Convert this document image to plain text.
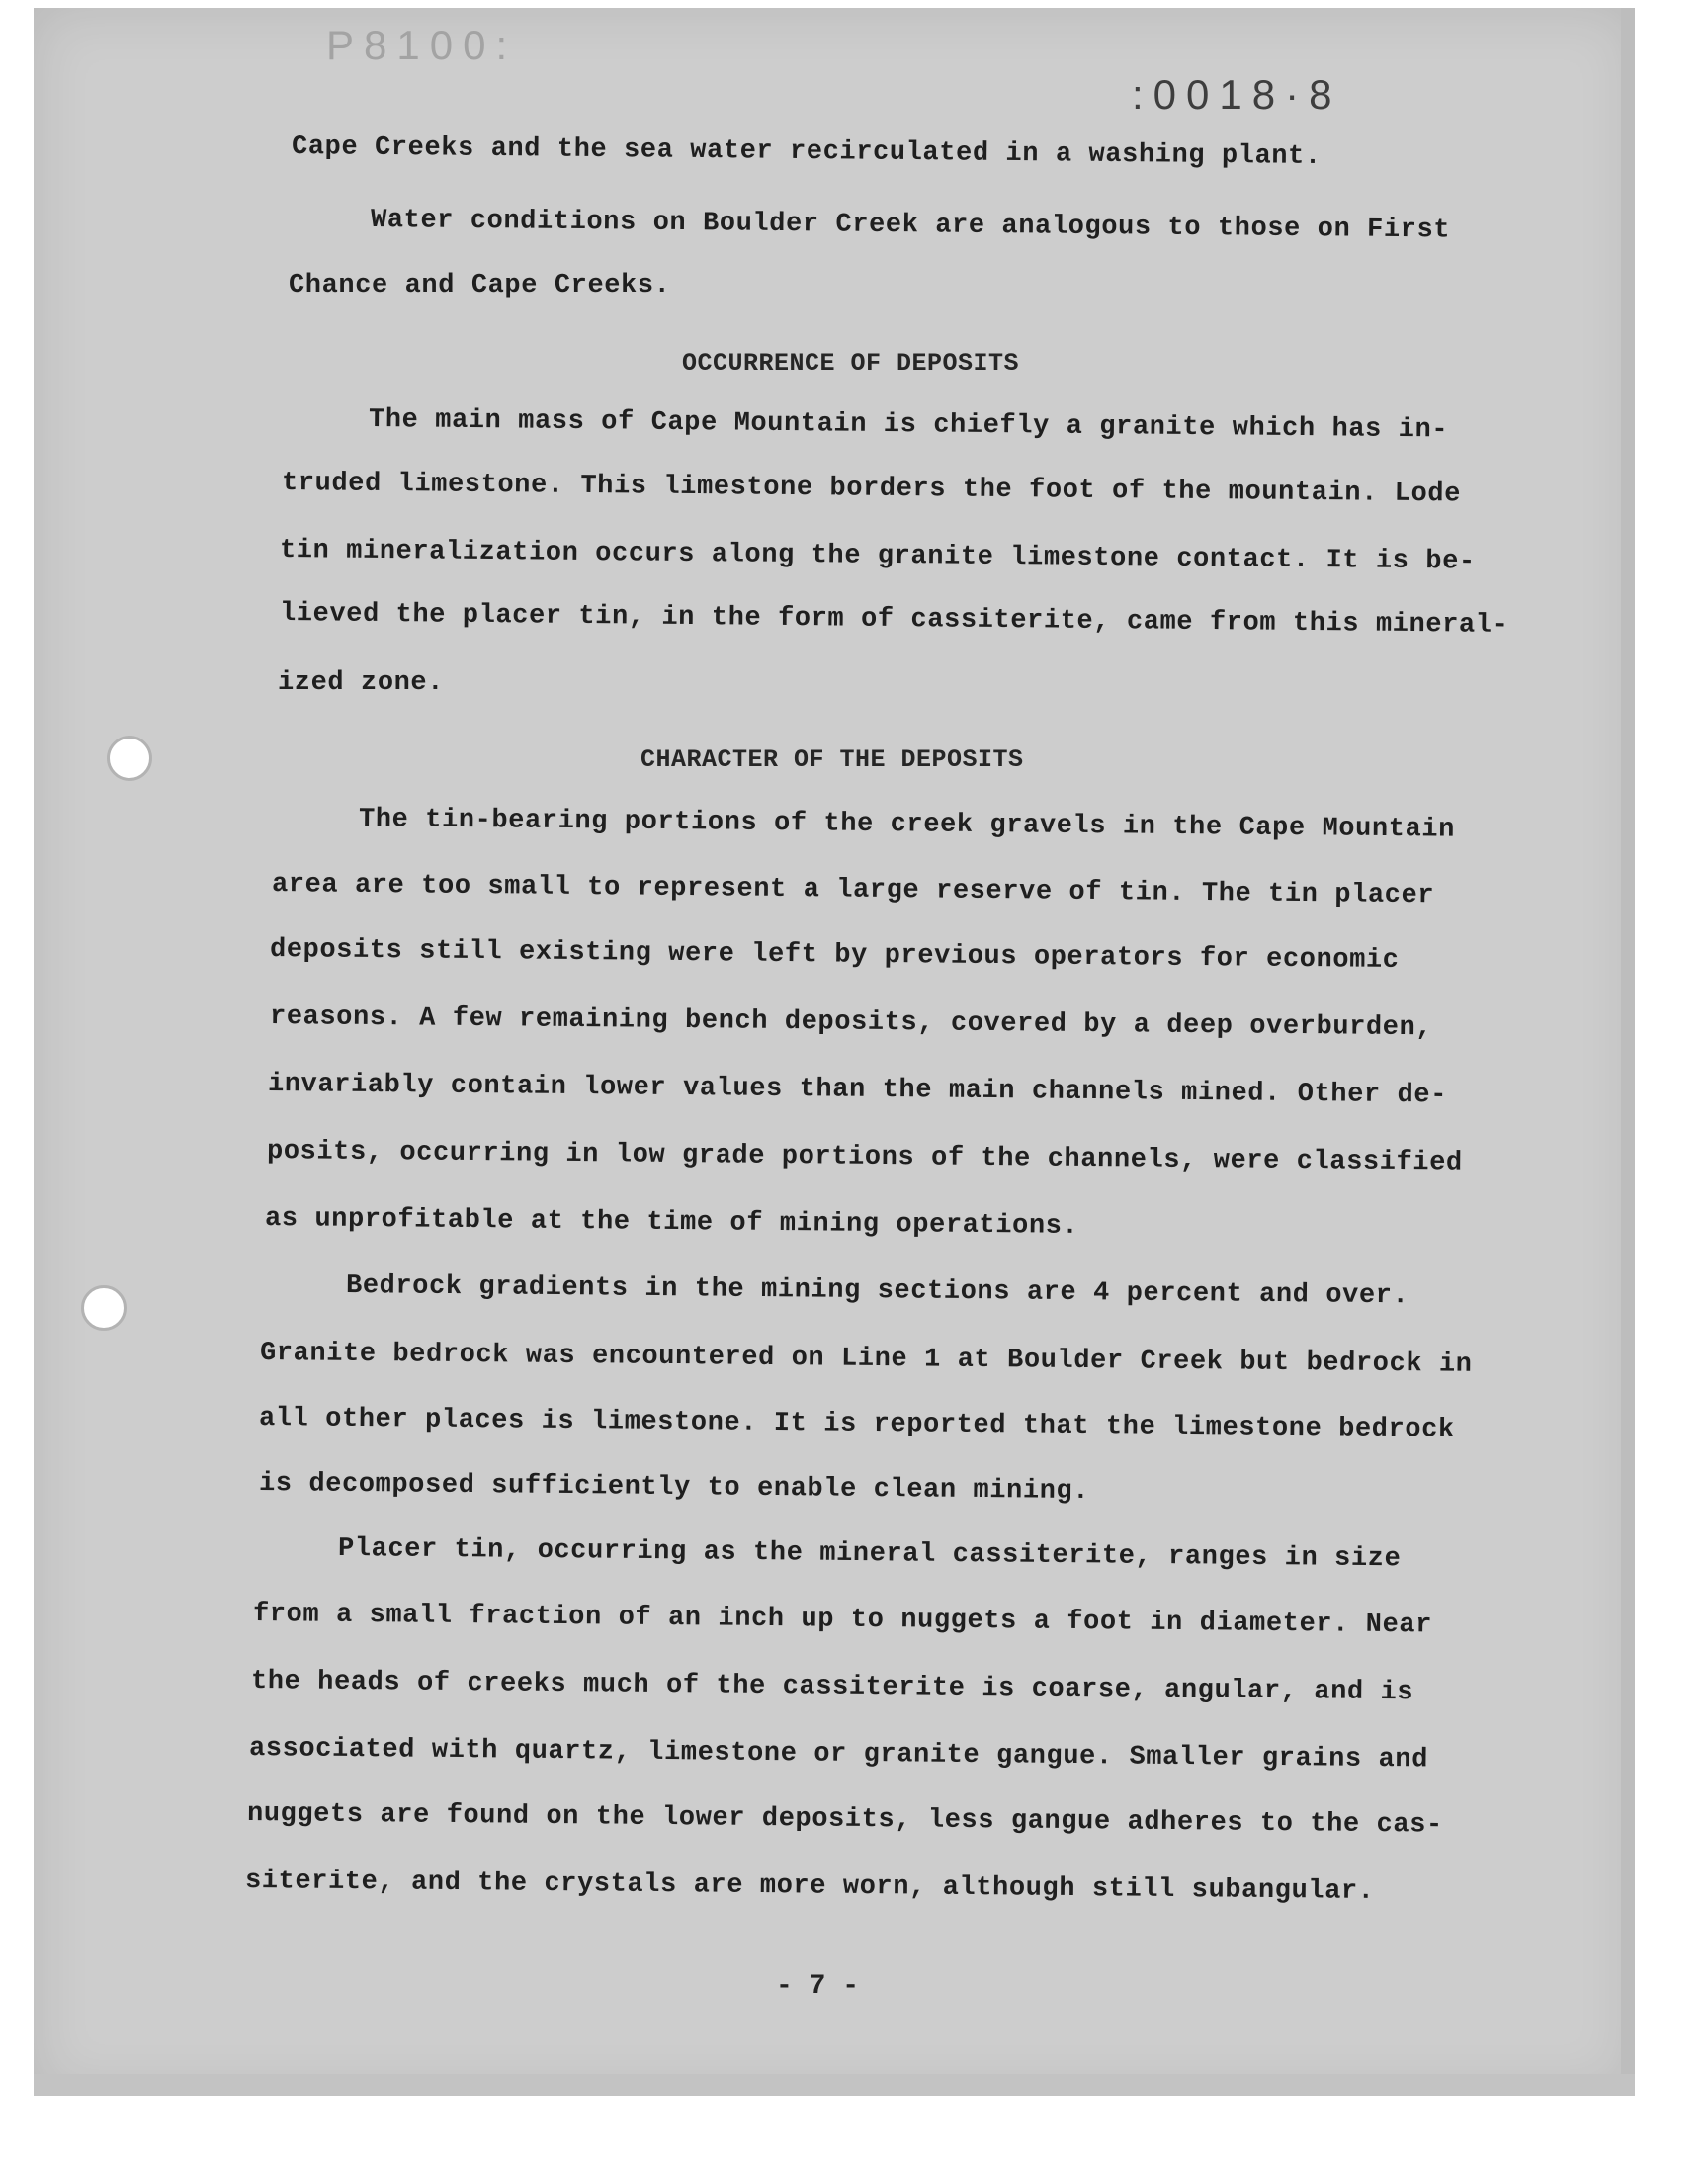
P8100:
:0018·8
Cape Creeks and the sea water recirculated in a washing plant.
Water conditions on Boulder Creek are analogous to those on First
Chance and Cape Creeks.
OCCURRENCE OF DEPOSITS
The main mass of Cape Mountain is chiefly a granite which has in-
truded limestone. This limestone borders the foot of the mountain. Lode
tin mineralization occurs along the granite limestone contact. It is be-
lieved the placer tin, in the form of cassiterite, came from this mineral-
ized zone.
CHARACTER OF THE DEPOSITS
The tin-bearing portions of the creek gravels in the Cape Mountain
area are too small to represent a large reserve of tin. The tin placer
deposits still existing were left by previous operators for economic
reasons. A few remaining bench deposits, covered by a deep overburden,
invariably contain lower values than the main channels mined. Other de-
posits, occurring in low grade portions of the channels, were classified
as unprofitable at the time of mining operations.
Bedrock gradients in the mining sections are 4 percent and over.
Granite bedrock was encountered on Line 1 at Boulder Creek but bedrock in
all other places is limestone. It is reported that the limestone bedrock
is decomposed sufficiently to enable clean mining.
Placer tin, occurring as the mineral cassiterite, ranges in size
from a small fraction of an inch up to nuggets a foot in diameter. Near
the heads of creeks much of the cassiterite is coarse, angular, and is
associated with quartz, limestone or granite gangue. Smaller grains and
nuggets are found on the lower deposits, less gangue adheres to the cas-
siterite, and the crystals are more worn, although still subangular.
- 7 -
